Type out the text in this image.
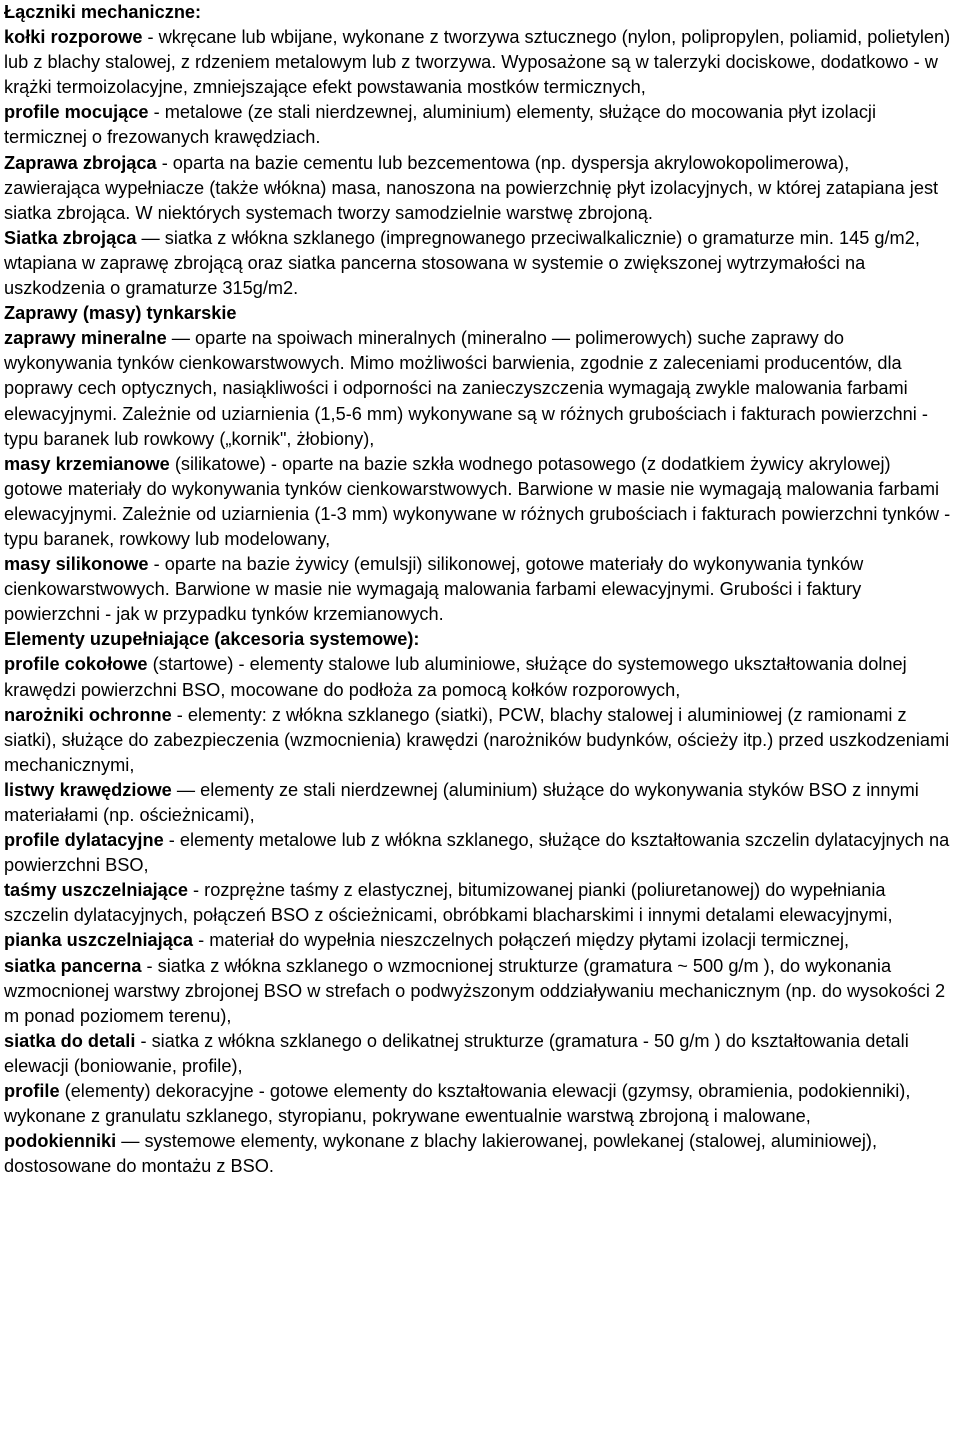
Łączniki mechaniczne:

kołki rozporowe - wkręcane lub wbijane, wykonane z tworzywa sztucznego (nylon, polipropylen, poliamid, polietylen) lub z blachy stalowej, z rdzeniem metalowym lub z tworzywa. Wyposażone są w talerzyki dociskowe, dodatkowo - w krążki termoizolacyjne, zmniejszające efekt powstawania mostków termicznych,

profile mocujące - metalowe (ze stali nierdzewnej, aluminium) elementy, służące do mocowania płyt izolacji termicznej o frezowanych krawędziach.

Zaprawa zbrojąca - oparta na bazie cementu lub bezcementowa (np. dyspersja akrylowokopolimerowa),

zawierająca wypełniacze (także włókna) masa, nanoszona na powierzchnię płyt izolacyjnych, w której zatapiana jest siatka zbrojąca. W niektórych systemach tworzy samodzielnie warstwę zbrojoną.

Siatka zbrojąca — siatka z włókna szklanego (impregnowanego przeciwalkalicznie) o gramaturze min. 145 g/m2, wtapiana w zaprawę zbrojącą oraz siatka pancerna stosowana w systemie o zwiększonej wytrzymałości na uszkodzenia o gramaturze 315g/m2.

Zaprawy (masy) tynkarskie

zaprawy mineralne — oparte na spoiwach mineralnych (mineralno — polimerowych) suche zaprawy do wykonywania tynków cienkowarstwowych. Mimo możliwości barwienia, zgodnie z zaleceniami producentów, dla poprawy cech optycznych, nasiąkliwości i odporności na zanieczyszczenia wymagają zwykle malowania farbami elewacyjnymi. Zależnie od uziarnienia (1,5-6 mm) wykonywane są w różnych grubościach i fakturach powierzchni - typu baranek lub rowkowy („kornik", żłobiony),

masy krzemianowe (silikatowe) - oparte na bazie szkła wodnego potasowego (z dodatkiem żywicy akrylowej) gotowe materiały do wykonywania tynków cienkowarstwowych. Barwione w masie nie wymagają malowania farbami elewacyjnymi. Zależnie od uziarnienia (1-3 mm) wykonywane w różnych grubościach i fakturach powierzchni tynków - typu baranek, rowkowy lub modelowany,

masy silikonowe - oparte na bazie żywicy (emulsji) silikonowej, gotowe materiały do wykonywania tynków cienkowarstwowych. Barwione w masie nie wymagają malowania farbami elewacyjnymi. Grubości i faktury

powierzchni - jak w przypadku tynków krzemianowych.

Elementy uzupełniające (akcesoria systemowe):

profile cokołowe (startowe) - elementy stalowe lub aluminiowe, służące do systemowego ukształtowania dolnej krawędzi powierzchni BSO, mocowane do podłoża za pomocą kołków rozporowych,

narożniki ochronne - elementy: z włókna szklanego (siatki), PCW, blachy stalowej i aluminiowej (z ramionami z siatki), służące do zabezpieczenia (wzmocnienia) krawędzi (narożników budynków, ościeży itp.) przed uszkodzeniami mechanicznymi,

listwy krawędziowe — elementy ze stali nierdzewnej (aluminium) służące do wykonywania styków BSO z innymi materiałami (np. ościeżnicami),

profile dylatacyjne - elementy metalowe lub z włókna szklanego, służące do kształtowania szczelin dylatacyjnych na powierzchni BSO,

taśmy uszczelniające - rozprężne taśmy z elastycznej, bitumizowanej pianki (poliuretanowej) do wypełniania szczelin dylatacyjnych, połączeń BSO z ościeżnicami, obróbkami blacharskimi i innymi detalami elewacyjnymi,

pianka uszczelniająca - materiał do wypełnia nieszczelnych połączeń między płytami izolacji termicznej,

siatka pancerna - siatka z włókna szklanego o wzmocnionej strukturze (gramatura ~ 500 g/m ), do wykonania wzmocnionej warstwy zbrojonej BSO w strefach o podwyższonym oddziaływaniu mechanicznym (np. do wysokości 2 m ponad poziomem terenu),

siatka do detali - siatka z włókna szklanego o delikatnej strukturze (gramatura - 50 g/m ) do kształtowania detali elewacji (boniowanie, profile),

profile (elementy) dekoracyjne - gotowe elementy do kształtowania elewacji (gzymsy, obramienia, podokienniki), wykonane z granulatu szklanego, styropianu, pokrywane ewentualnie warstwą zbrojoną i malowane,

podokienniki — systemowe elementy, wykonane z blachy lakierowanej, powlekanej (stalowej, aluminiowej), dostosowane do montażu z BSO.
